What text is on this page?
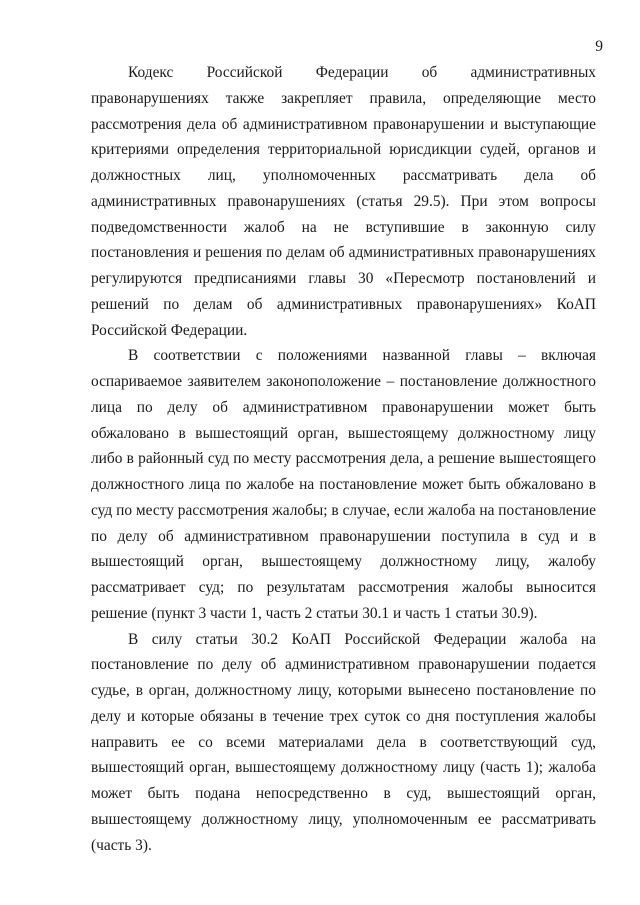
9

Кодекс Российской Федерации об административных правонарушениях также закрепляет правила, определяющие место рассмотрения дела об административном правонарушении и выступающие критериями определения территориальной юрисдикции судей, органов и должностных лиц, уполномоченных рассматривать дела об административных правонарушениях (статья 29.5). При этом вопросы подведомственности жалоб на не вступившие в законную силу постановления и решения по делам об административных правонарушениях регулируются предписаниями главы 30 «Пересмотр постановлений и решений по делам об административных правонарушениях» КоАП Российской Федерации.

В соответствии с положениями названной главы – включая оспариваемое заявителем законоположение – постановление должностного лица по делу об административном правонарушении может быть обжаловано в вышестоящий орган, вышестоящему должностному лицу либо в районный суд по месту рассмотрения дела, а решение вышестоящего должностного лица по жалобе на постановление может быть обжаловано в суд по месту рассмотрения жалобы; в случае, если жалоба на постановление по делу об административном правонарушении поступила в суд и в вышестоящий орган, вышестоящему должностному лицу, жалобу рассматривает суд; по результатам рассмотрения жалобы выносится решение (пункт 3 части 1, часть 2 статьи 30.1 и часть 1 статьи 30.9).

В силу статьи 30.2 КоАП Российской Федерации жалоба на постановление по делу об административном правонарушении подается судье, в орган, должностному лицу, которыми вынесено постановление по делу и которые обязаны в течение трех суток со дня поступления жалобы направить ее со всеми материалами дела в соответствующий суд, вышестоящий орган, вышестоящему должностному лицу (часть 1); жалоба может быть подана непосредственно в суд, вышестоящий орган, вышестоящему должностному лицу, уполномоченным ее рассматривать (часть 3).
